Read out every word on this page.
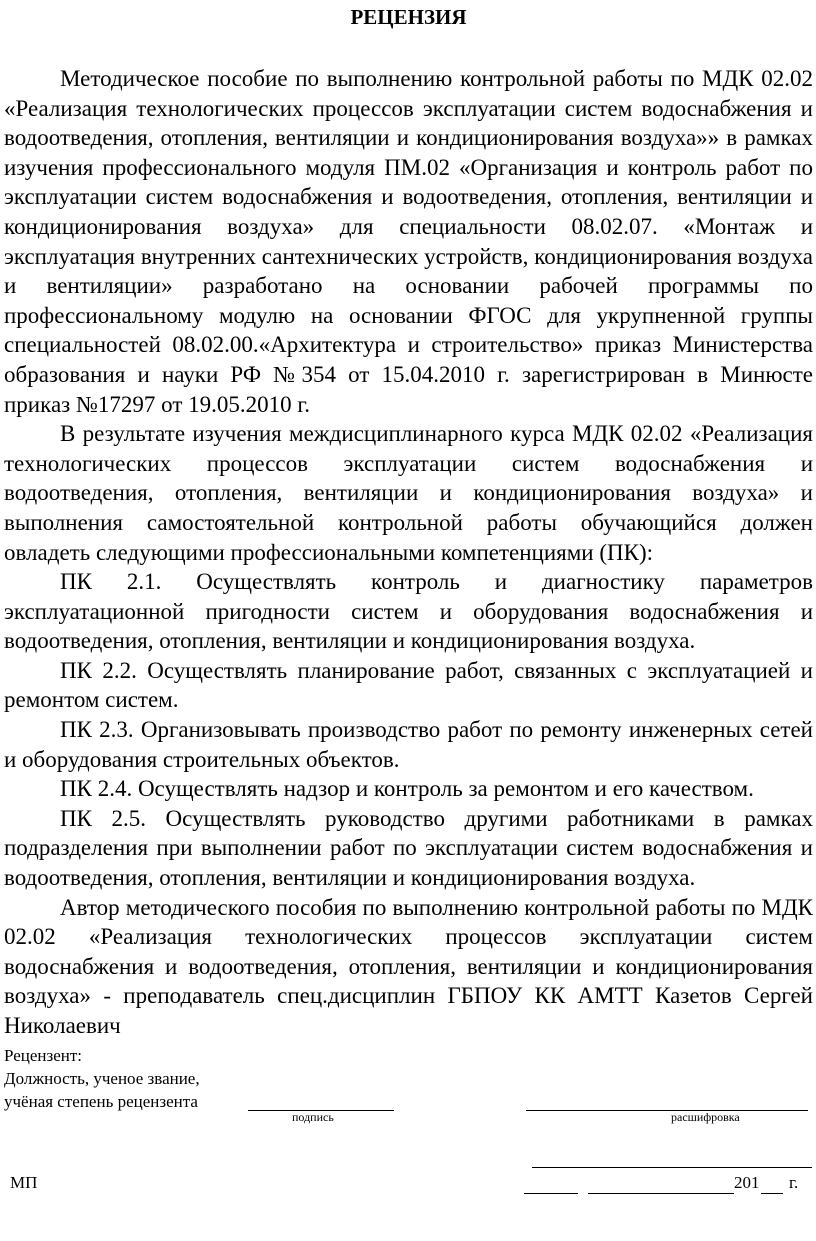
РЕЦЕНЗИЯ

Методическое пособие по выполнению контрольной работы по МДК 02.02 «Реализация технологических процессов эксплуатации систем водоснабжения и водоотведения, отопления, вентиляции и кондиционирования воздуха»» в рамках изучения профессионального модуля ПМ.02 «Организация и контроль работ по эксплуатации систем водоснабжения и водоотведения, отопления, вентиляции и кондиционирования воздуха» для специальности 08.02.07. «Монтаж и эксплуатация внутренних сантехнических устройств, кондиционирования воздуха и вентиляции» разработано на основании рабочей программы по профессиональному модулю на основании ФГОС для укрупненной группы специальностей 08.02.00.«Архитектура и строительство» приказ Министерства образования и науки РФ №354 от 15.04.2010 г. зарегистрирован в Минюсте приказ №17297 от 19.05.2010 г.

В результате изучения междисциплинарного курса МДК 02.02 «Реализация технологических процессов эксплуатации систем водоснабжения и водоотведения, отопления, вентиляции и кондиционирования воздуха» и выполнения самостоятельной контрольной работы обучающийся должен овладеть следующими профессиональными компетенциями (ПК):

ПК 2.1. Осуществлять контроль и диагностику параметров эксплуатационной пригодности систем и оборудования водоснабжения и водоотведения, отопления, вентиляции и кондиционирования воздуха.

ПК 2.2. Осуществлять планирование работ, связанных с эксплуатацией и ремонтом систем.

ПК 2.3. Организовывать производство работ по ремонту инженерных сетей и оборудования строительных объектов.

ПК 2.4. Осуществлять надзор и контроль за ремонтом и его качеством.

ПК 2.5. Осуществлять руководство другими работниками в рамках подразделения при выполнении работ по эксплуатации систем водоснабжения и водоотведения, отопления, вентиляции и кондиционирования воздуха.

Автор методического пособия по выполнению контрольной работы по МДК 02.02 «Реализация технологических процессов эксплуатации систем водоснабжения и водоотведения, отопления, вентиляции и кондиционирования воздуха» - преподаватель спец.дисциплин ГБПОУ КК АМТТ Казетов Сергей Николаевич

Рецензент:
Должность, ученое звание,
учёная степень рецензента
подпись	расшифровка
МП	201 г.
